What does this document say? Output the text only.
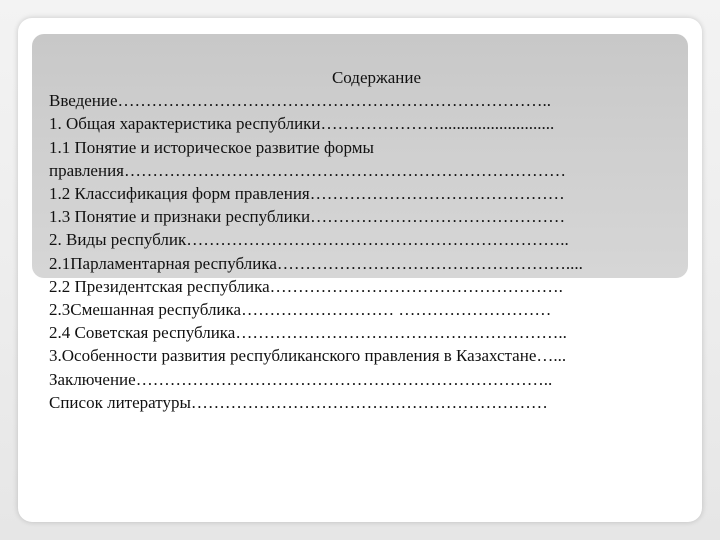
Содержание
Введение…………………………………………………………………..
1. Общая характеристика республики…………………...........................
1.1 Понятие и историческое развитие формы
правления……………………………………………………………………
1.2 Классификация форм правления………………………………………
1.3 Понятие и признаки республики………………………………………
2. Виды республик…………………………………………………………..
2.1Парламентарная республика……………………………………………....
2.2 Президентская республика…………………………………………….
2.3Смешанная республика……………………… ………………………
2.4 Советская республика…………………………………………………..
3.Особенности развития республиканского правления в Казахстане…...
Заключение………………………………………………………………..
Список литературы………………………………………………………
